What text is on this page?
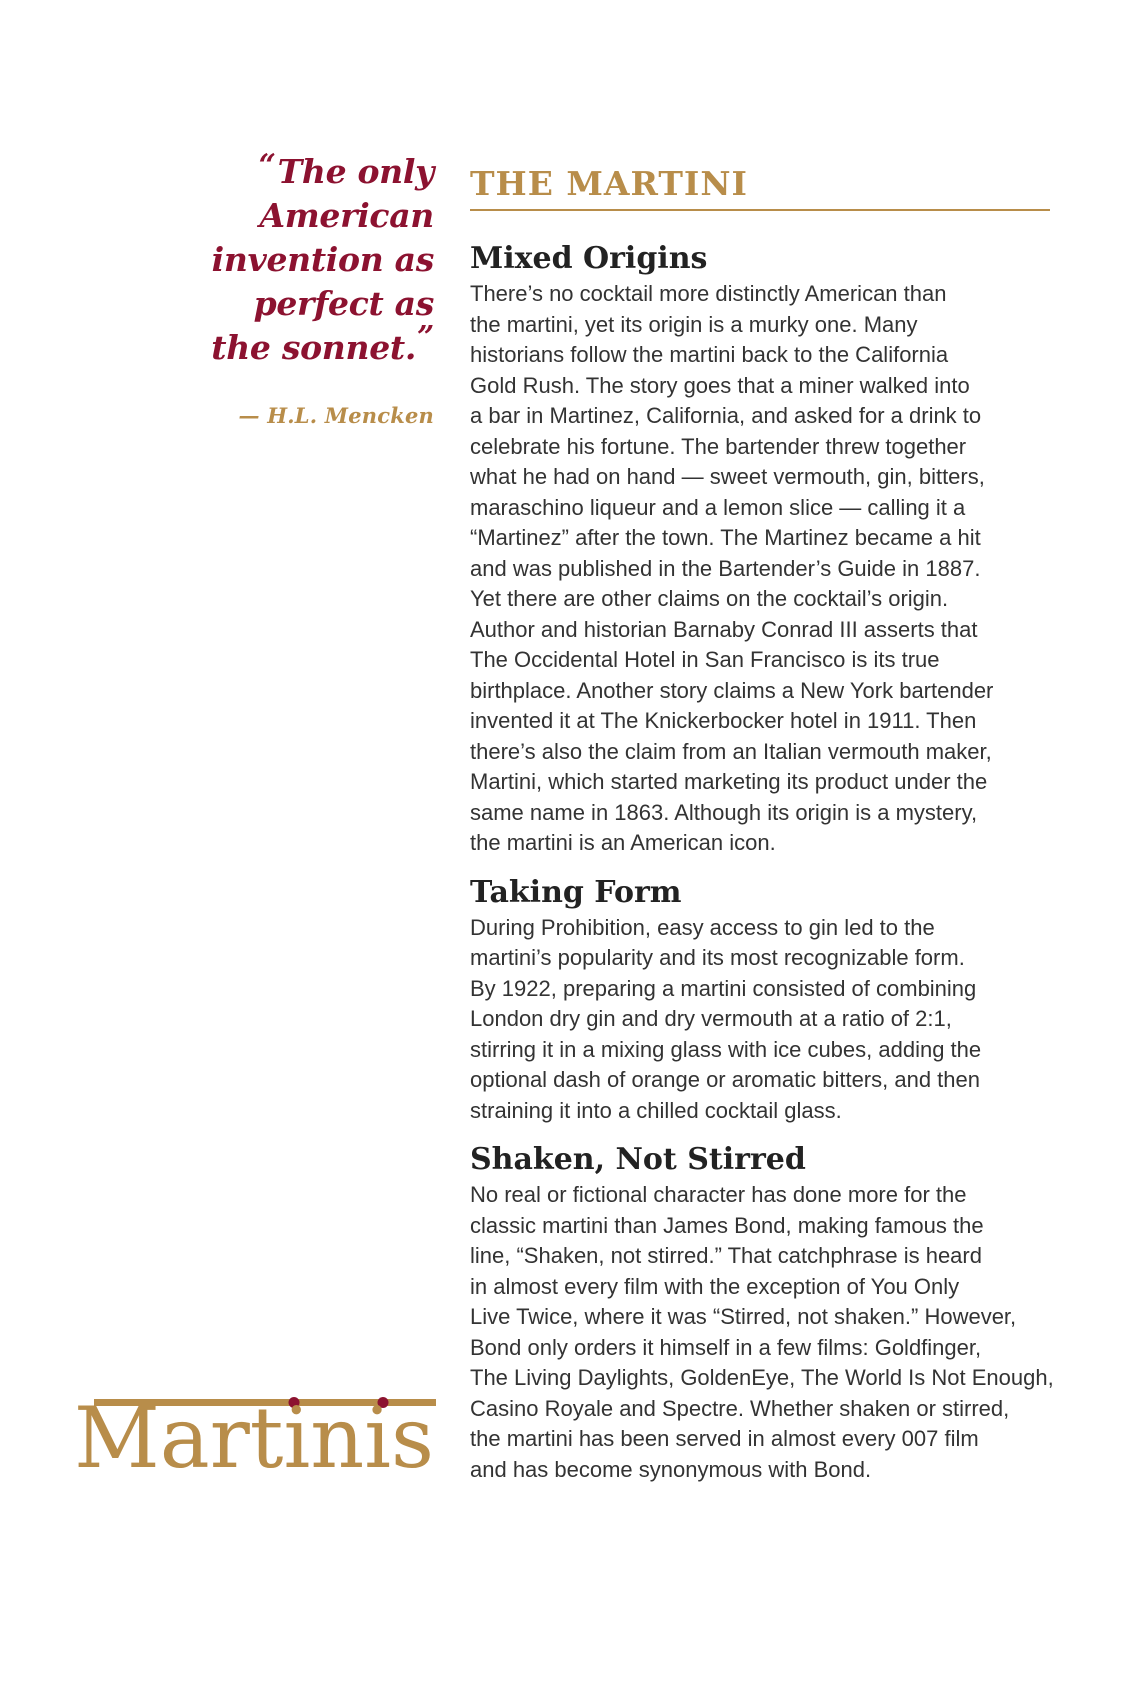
“The only
American
invention as
perfect as
the sonnet.”
— H.L. Mencken
THE MARTINI
Mixed Origins
There’s no cocktail more distinctly American than
the martini, yet its origin is a murky one. Many
historians follow the martini back to the California
Gold Rush. The story goes that a miner walked into
a bar in Martinez, California, and asked for a drink to
celebrate his fortune. The bartender threw together
what he had on hand — sweet vermouth, gin, bitters,
maraschino liqueur and a lemon slice — calling it a
“Martinez” after the town. The Martinez became a hit
and was published in the Bartender’s Guide in 1887.
Yet there are other claims on the cocktail’s origin.
Author and historian Barnaby Conrad III asserts that
The Occidental Hotel in San Francisco is its true
birthplace. Another story claims a New York bartender
invented it at The Knickerbocker hotel in 1911. Then
there’s also the claim from an Italian vermouth maker,
Martini, which started marketing its product under the
same name in 1863. Although its origin is a mystery,
the martini is an American icon.
Taking Form
During Prohibition, easy access to gin led to the
martini’s popularity and its most recognizable form.
By 1922, preparing a martini consisted of combining
London dry gin and dry vermouth at a ratio of 2:1,
stirring it in a mixing glass with ice cubes, adding the
optional dash of orange or aromatic bitters, and then
straining it into a chilled cocktail glass.
Shaken, Not Stirred
No real or fictional character has done more for the
classic martini than James Bond, making famous the
line, “Shaken, not stirred.” That catchphrase is heard
in almost every film with the exception of You Only
Live Twice, where it was “Stirred, not shaken.” However,
Bond only orders it himself in a few films: Goldfinger,
The Living Daylights, GoldenEye, The World Is Not Enough,
Casino Royale and Spectre. Whether shaken or stirred,
the martini has been served in almost every 007 film
and has become synonymous with Bond.
Martinis
